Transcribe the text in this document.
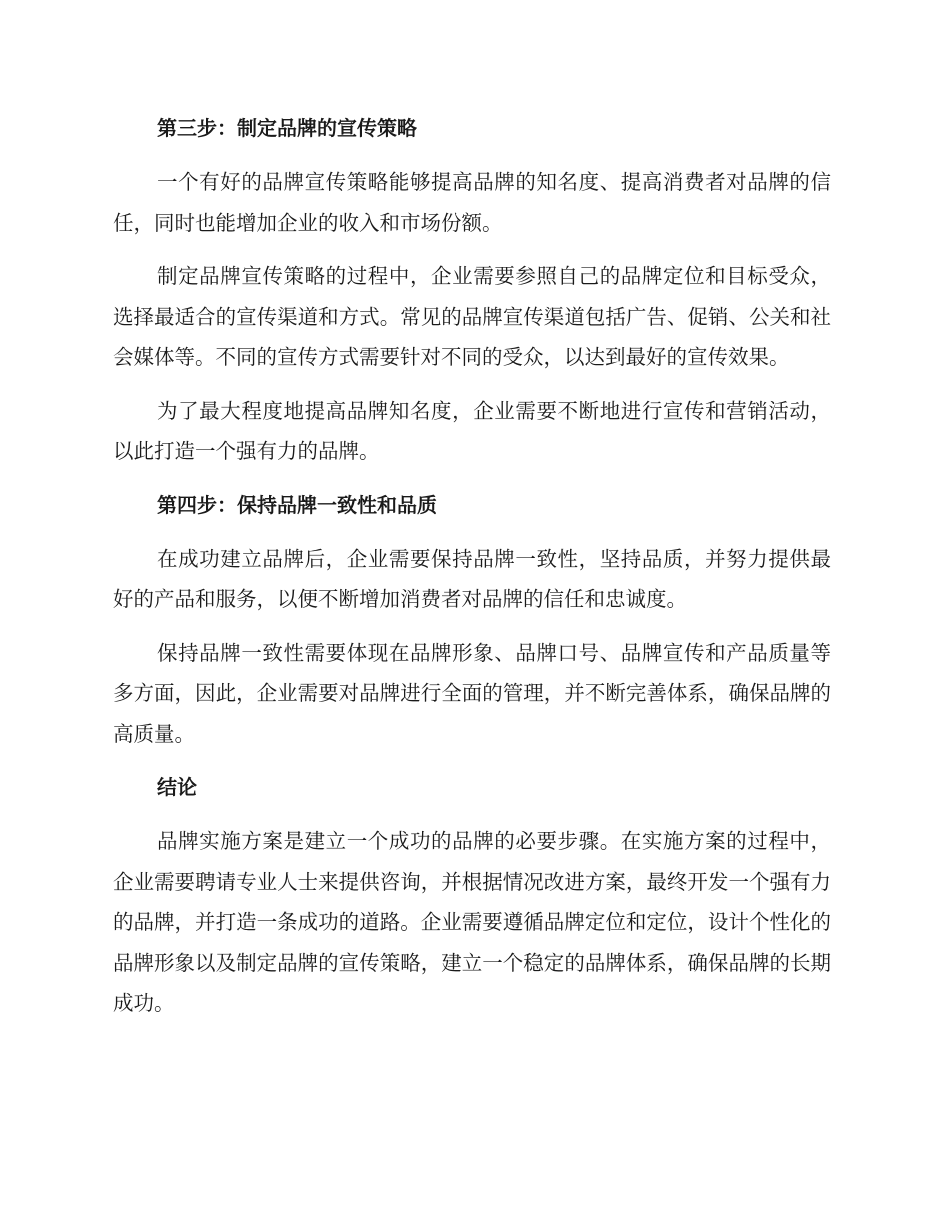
第三步：制定品牌的宣传策略

一个有好的品牌宣传策略能够提高品牌的知名度、提高消费者对品牌的信任，同时也能增加企业的收入和市场份额。

制定品牌宣传策略的过程中，企业需要参照自己的品牌定位和目标受众，选择最适合的宣传渠道和方式。常见的品牌宣传渠道包括广告、促销、公关和社会媒体等。不同的宣传方式需要针对不同的受众，以达到最好的宣传效果。

为了最大程度地提高品牌知名度，企业需要不断地进行宣传和营销活动，以此打造一个强有力的品牌。

第四步：保持品牌一致性和品质

在成功建立品牌后，企业需要保持品牌一致性，坚持品质，并努力提供最好的产品和服务，以便不断增加消费者对品牌的信任和忠诚度。

保持品牌一致性需要体现在品牌形象、品牌口号、品牌宣传和产品质量等多方面，因此，企业需要对品牌进行全面的管理，并不断完善体系，确保品牌的高质量。

结论

品牌实施方案是建立一个成功的品牌的必要步骤。在实施方案的过程中，企业需要聘请专业人士来提供咨询，并根据情况改进方案，最终开发一个强有力的品牌，并打造一条成功的道路。企业需要遵循品牌定位和定位，设计个性化的品牌形象以及制定品牌的宣传策略，建立一个稳定的品牌体系，确保品牌的长期成功。
